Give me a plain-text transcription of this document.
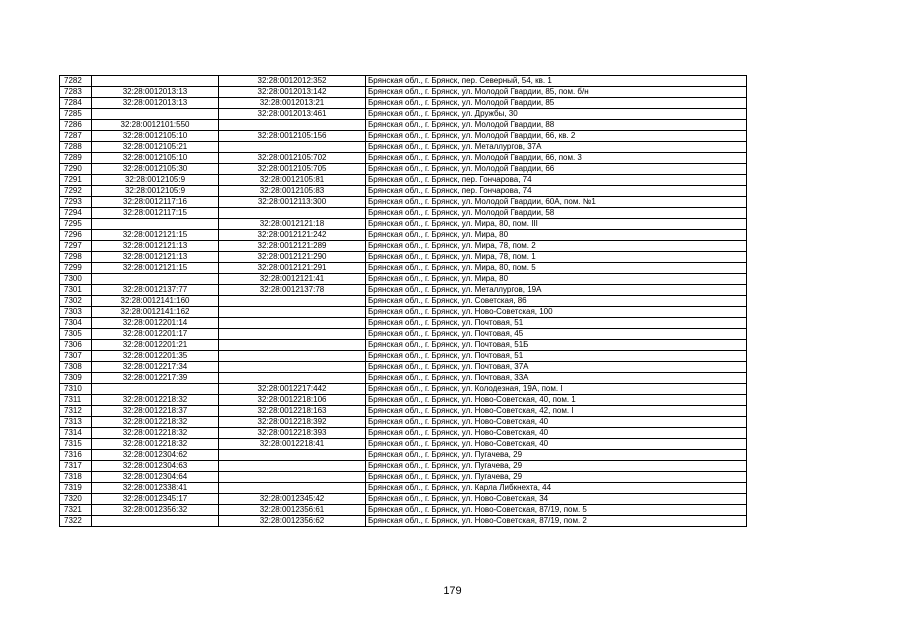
7282		32:28:0012012:352	Брянская обл., г. Брянск, пер. Северный, 54, кв. 1
7283	32:28:0012013:13	32:28:0012013:142	Брянская обл., г. Брянск, ул. Молодой Гвардии, 85, пом. б/н
7284	32:28:0012013:13	32:28:0012013:21	Брянская обл., г. Брянск, ул. Молодой Гвардии, 85
7285		32:28:0012013:461	Брянская обл., г. Брянск, ул. Дружбы, 30
7286	32:28:0012101:550		Брянская обл., г. Брянск, ул. Молодой Гвардии, 88
7287	32:28:0012105:10	32:28:0012105:156	Брянская обл., г. Брянск, ул. Молодой Гвардии, 66, кв. 2
7288	32:28:0012105:21		Брянская обл., г. Брянск, ул. Металлургов, 37А
7289	32:28:0012105:10	32:28:0012105:702	Брянская обл., г. Брянск, ул. Молодой Гвардии, 66, пом. 3
7290	32:28:0012105:30	32:28:0012105:705	Брянская обл., г. Брянск, ул. Молодой Гвардии, 66
7291	32:28:0012105:9	32:28:0012105:81	Брянская обл., г. Брянск, пер. Гончарова, 74
7292	32:28:0012105:9	32:28:0012105:83	Брянская обл., г. Брянск, пер. Гончарова, 74
7293	32:28:0012117:16	32:28:0012113:300	Брянская обл., г. Брянск, ул. Молодой Гвардии, 60А, пом. №1
7294	32:28:0012117:15		Брянская обл., г. Брянск, ул. Молодой Гвардии, 58
7295		32:28:0012121:18	Брянская обл., г. Брянск, ул. Мира, 80, пом. III
7296	32:28:0012121:15	32:28:0012121:242	Брянская обл., г. Брянск, ул. Мира, 80
7297	32:28:0012121:13	32:28:0012121:289	Брянская обл., г. Брянск, ул. Мира, 78, пом. 2
7298	32:28:0012121:13	32:28:0012121:290	Брянская обл., г. Брянск, ул. Мира, 78, пом. 1
7299	32:28:0012121:15	32:28:0012121:291	Брянская обл., г. Брянск, ул. Мира, 80, пом. 5
7300		32:28:0012121:41	Брянская обл., г. Брянск, ул. Мира, 80
7301	32:28:0012137:77	32:28:0012137:78	Брянская обл., г. Брянск, ул. Металлургов, 19А
7302	32:28:0012141:160		Брянская обл., г. Брянск, ул. Советская, 86
7303	32:28:0012141:162		Брянская обл., г. Брянск, ул. Ново-Советская, 100
7304	32:28:0012201:14		Брянская обл., г. Брянск, ул. Почтовая, 51
7305	32:28:0012201:17		Брянская обл., г. Брянск, ул. Почтовая, 45
7306	32:28:0012201:21		Брянская обл., г. Брянск, ул. Почтовая, 51Б
7307	32:28:0012201:35		Брянская обл., г. Брянск, ул. Почтовая, 51
7308	32:28:0012217:34		Брянская обл., г. Брянск, ул. Почтовая, 37А
7309	32:28:0012217:39		Брянская обл., г. Брянск, ул. Почтовая, 33А
7310		32:28:0012217:442	Брянская обл., г. Брянск, ул. Колодезная, 19А, пом. I
7311	32:28:0012218:32	32:28:0012218:106	Брянская обл., г. Брянск, ул. Ново-Советская, 40, пом. 1
7312	32:28:0012218:37	32:28:0012218:163	Брянская обл., г. Брянск, ул. Ново-Советская, 42, пом. I
7313	32:28:0012218:32	32:28:0012218:392	Брянская обл., г. Брянск, ул. Ново-Советская, 40
7314	32:28:0012218:32	32:28:0012218:393	Брянская обл., г. Брянск, ул. Ново-Советская, 40
7315	32:28:0012218:32	32:28:0012218:41	Брянская обл., г. Брянск, ул. Ново-Советская, 40
7316	32:28:0012304:62		Брянская обл., г. Брянск, ул. Пугачева, 29
7317	32:28:0012304:63		Брянская обл., г. Брянск, ул. Пугачева, 29
7318	32:28:0012304:64		Брянская обл., г. Брянск, ул. Пугачева, 29
7319	32:28:0012338:41		Брянская обл., г. Брянск, ул. Карла Либкнехта, 44
7320	32:28:0012345:17	32:28:0012345:42	Брянская обл., г. Брянск, ул. Ново-Советская, 34
7321	32:28:0012356:32	32:28:0012356:61	Брянская обл., г. Брянск, ул. Ново-Советская, 87/19, пом. 5
7322		32:28:0012356:62	Брянская обл., г. Брянск, ул. Ново-Советская, 87/19, пом. 2
179
